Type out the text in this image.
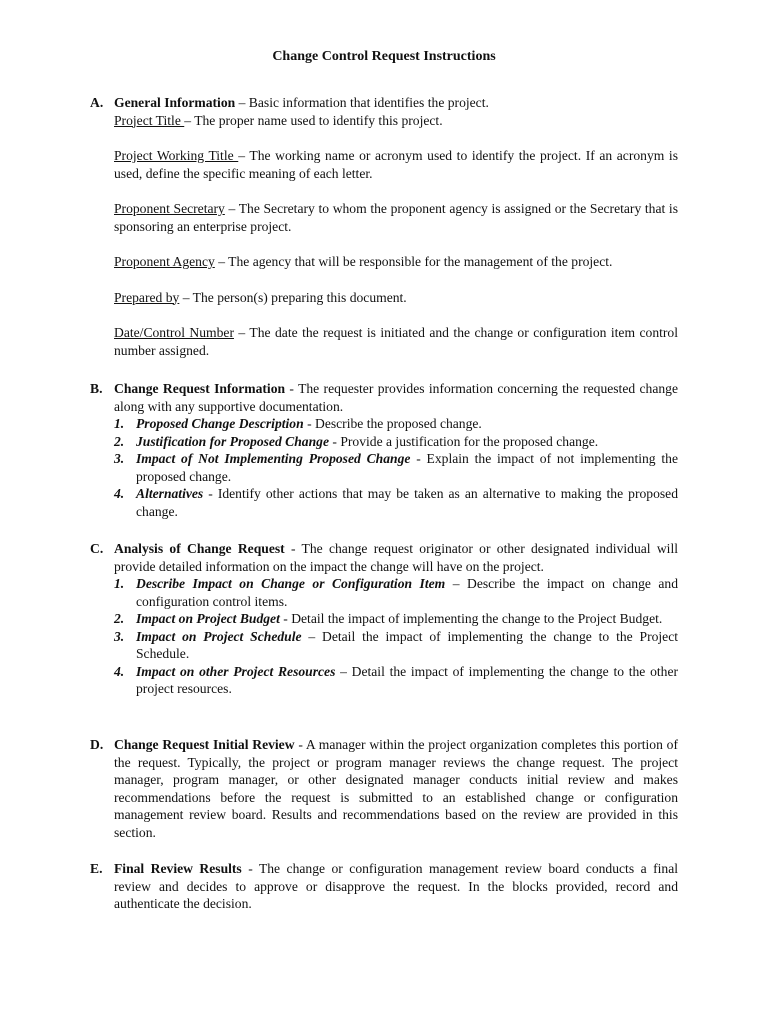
Change Control Request Instructions
A. General Information – Basic information that identifies the project.

Project Title – The proper name used to identify this project.

Project Working Title – The working name or acronym used to identify the project. If an acronym is used, define the specific meaning of each letter.

Proponent Secretary – The Secretary to whom the proponent agency is assigned or the Secretary that is sponsoring an enterprise project.

Proponent Agency – The agency that will be responsible for the management of the project.

Prepared by – The person(s) preparing this document.

Date/Control Number – The date the request is initiated and the change or configuration item control number assigned.

B. Change Request Information - The requester provides information concerning the requested change along with any supportive documentation.

1. Proposed Change Description - Describe the proposed change.
2. Justification for Proposed Change - Provide a justification for the proposed change.
3. Impact of Not Implementing Proposed Change - Explain the impact of not implementing the proposed change.
4. Alternatives - Identify other actions that may be taken as an alternative to making the proposed change.
C. Analysis of Change Request - The change request originator or other designated individual will provide detailed information on the impact the change will have on the project.

1. Describe Impact on Change or Configuration Item – Describe the impact on change and configuration control items.
2. Impact on Project Budget - Detail the impact of implementing the change to the Project Budget.
3. Impact on Project Schedule – Detail the impact of implementing the change to the Project Schedule.
4. Impact on other Project Resources – Detail the impact of implementing the change to the other project resources.
D. Change Request Initial Review - A manager within the project organization completes this portion of the request. Typically, the project or program manager reviews the change request. The project manager, program manager, or other designated manager conducts initial review and makes recommendations before the request is submitted to an established change or configuration management review board. Results and recommendations based on the review are provided in this section.

E. Final Review Results - The change or configuration management review board conducts a final review and decides to approve or disapprove the request. In the blocks provided, record and authenticate the decision.
